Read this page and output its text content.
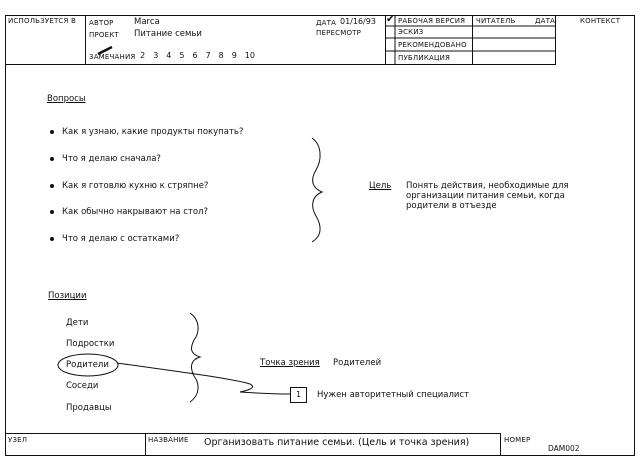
ИСПОЛЬЗУЕТСЯ В АВТОР Marca
ПРОЕКТ Питание семьи
ЗАМЕЧАНИЯ 2 3 4 5 6 7 8 9 10
ДАТА 01/16/93
ПЕРЕСМОТР
✔ РАБОЧАЯ ВЕРСИЯ
ЭСКИЗ
РЕКОМЕНДОВАНО
ПУБЛИКАЦИЯ
ЧИТАТЕЛЬ	ДАТА	КОНТЕКСТ
Вопросы
Как я узнаю, какие продукты покупать?
Что я делаю сначала?
Как я готовлю кухню к стряпне?
Как обычно накрывают на стол?
Что я делаю с остатками?
Цель Понять действия, необходимые для
организации питания семьи, когда
родители в отъезде
Позиции
Дети
Подростки
Родители
Соседи
Продавцы
Точка зрения Родителей
1	Нужен авторитетный специалист
УЗЕЛ	НАЗВАНИЕ Организовать питание семьи. (Цель и точка зрения)	НОМЕР
DAM002
